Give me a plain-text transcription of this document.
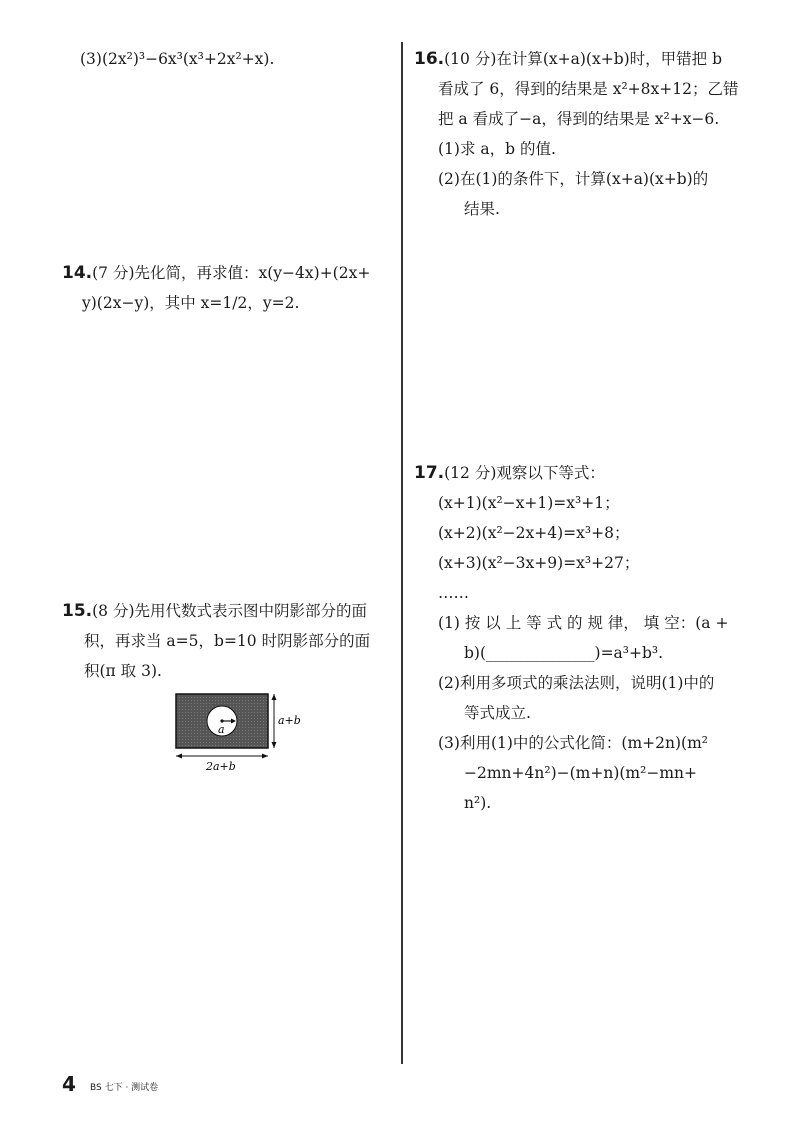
(3)(2x²)³−6x³(x³+2x²+x).
14.(7 分)先化简，再求值：x(y−4x)+(2x+
y)(2x−y)，其中 x=1/2，y=2.
15.(8 分)先用代数式表示图中阴影部分的面
积，再求当 a=5，b=10 时阴影部分的面
积(π 取 3).
a
a+b
2a+b
16.(10 分)在计算(x+a)(x+b)时，甲错把 b
看成了 6，得到的结果是 x²+8x+12；乙错
把 a 看成了−a，得到的结果是 x²+x−6.
(1)求 a，b 的值.
(2)在(1)的条件下，计算(x+a)(x+b)的
结果.
17.(12 分)观察以下等式：
(x+1)(x²−x+1)=x³+1；
(x+2)(x²−2x+4)=x³+8；
(x+3)(x²−3x+9)=x³+27；
……
(1) 按 以 上 等 式 的 规 律， 填 空：(a +
b)(______________)=a³+b³.
(2)利用多项式的乘法法则，说明(1)中的
等式成立.
(3)利用(1)中的公式化简：(m+2n)(m²
−2mn+4n²)−(m+n)(m²−mn+
n²).
4 BS 七下 · 测试卷
